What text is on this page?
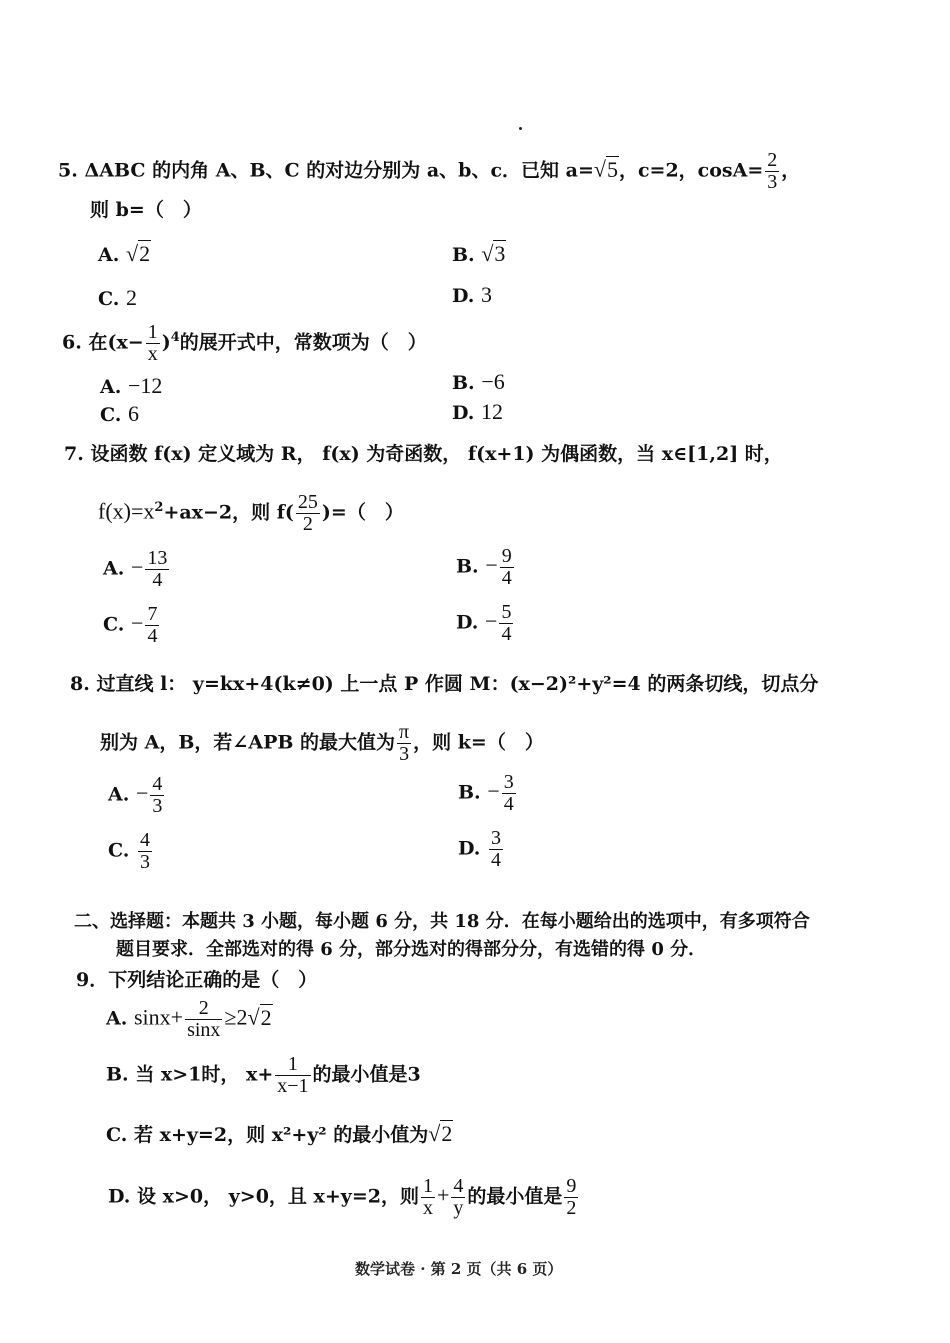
5. ΔABC 的内角 A、B、C 的对边分别为 a、b、c．已知 a=√5，c=2，$\cos A= \frac{2}{3}$ ，
则 b=（　）
A. √2	B. √3
C. 2	D. 3
6. 在$(x- \frac{1}{x} )^4$的展开式中，常数项为（　）
A. −12	B. −6
C. 6	D. 12
7. 设函数 f(x) 定义域为 R， f(x) 为奇函数， f(x+1) 为偶函数，当 x∈[1,2] 时，
$f(x)=x^2+ax-2$，则 $f( \frac{25}{2}$ )=（　）
A. − $\frac{13}{4}$	B. − $\frac{9}{4}$
C. − $\frac{7}{4}$	D. − $\frac{5}{4}$
8. 过直线 l： y=kx+4(k≠0) 上一点 P 作圆 M：(x−2)²+y²=4 的两条切线，切点分
别为 A，B，若∠APB 的最大值为 $\frac{\pi}{3}$ ，则 k=（　）
A. − $\frac{4}{3}$	B. − $\frac{3}{4}$
C. $\frac{4}{3}$	D. $\frac{3}{4}$
二、选择题：本题共 3 小题，每小题 6 分，共 18 分．在每小题给出的选项中，有多项符合
题目要求．全部选对的得 6 分，部分选对的得部分分，有选错的得 0 分．
9．下列结论正确的是（　）
A. $\sin x+ \frac{2}{\sin x} \ge 2√2$
B. 当 x>1时， $x+ \frac{1}{x-1}$ 的最小值是3
C. 若 x+y=2，则 x²+y² 的最小值为√2
D. 设 x>0， y>0，且 x+y=2，则 $\frac{1}{x} + \frac{4}{y}$ 的最小值是 $\frac{9}{2}$
数学试卷 · 第 2 页（共 6 页）
